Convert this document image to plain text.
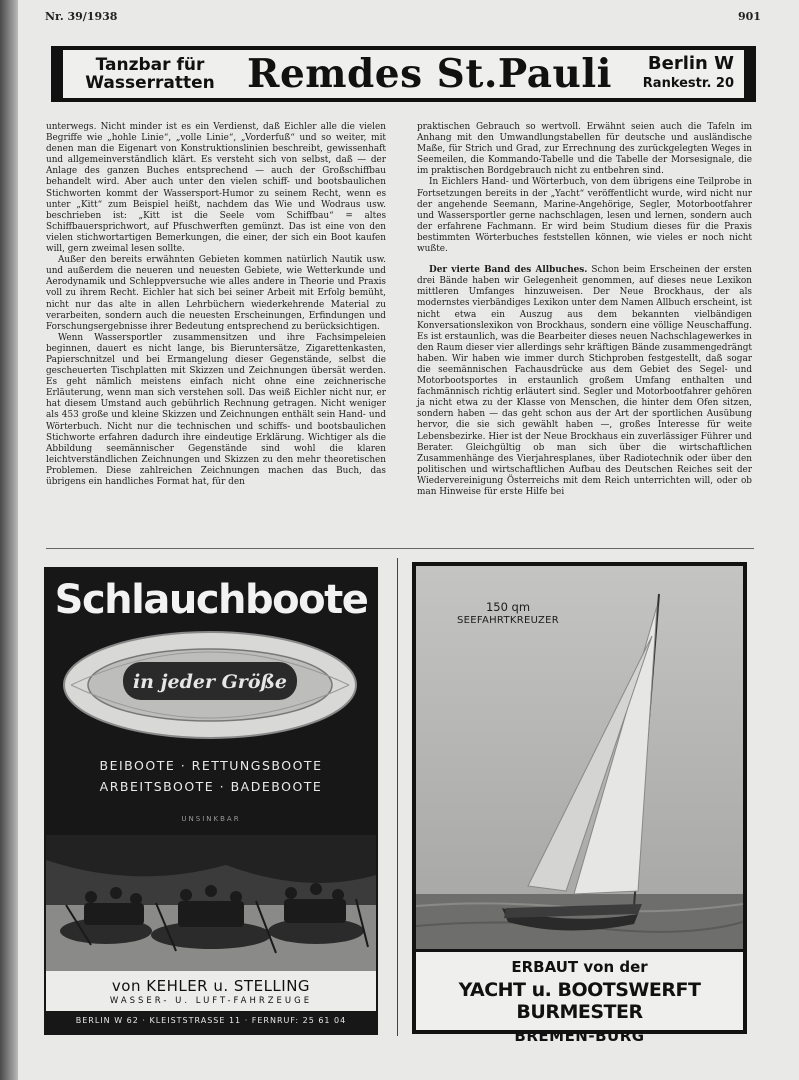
Nr. 39/1938	901
Tanzbar für
Wasserratten Remdes St.Pauli	Berlin W
Rankestr. 20

unterwegs. Nicht minder ist es ein Verdienst, daß Eichler alle die vielen Begriffe wie „hohle Linie“, „volle Linie“, „Vorderfuß“ und so weiter, mit denen man die Eigenart von Konstruktionslinien beschreibt, gewissenhaft und allgemeinverständlich klärt. Es versteht sich von selbst, daß — der Anlage des ganzen Buches entsprechend — auch der Großschiffbau behandelt wird. Aber auch unter den vielen schiff- und bootsbaulichen Stichworten kommt der Wassersport-Humor zu seinem Recht, wenn es unter „Kitt“ zum Beispiel heißt, nachdem das Wie und Wodraus usw. beschrieben ist: „Kitt ist die Seele vom Schiffbau“ = altes Schiffbauersprichwort, auf Pfuschwerften gemünzt. Das ist eine von den vielen stichwortartigen Bemerkungen, die einer, der sich ein Boot kaufen will, gern zweimal lesen sollte.

Außer den bereits erwähnten Gebieten kommen natürlich Nautik usw. und außerdem die neueren und neuesten Gebiete, wie Wetterkunde und Aerodynamik und Schleppversuche wie alles andere in Theorie und Praxis voll zu ihrem Recht. Eichler hat sich bei seiner Arbeit mit Erfolg bemüht, nicht nur das alte in allen Lehrbüchern wiederkehrende Material zu verarbeiten, sondern auch die neuesten Erscheinungen, Erfindungen und Forschungsergebnisse ihrer Bedeutung entsprechend zu berücksichtigen.

Wenn Wassersportler zusammensitzen und ihre Fachsimpeleien beginnen, dauert es nicht lange, bis Bieruntersätze, Zigarettenkasten, Papierschnitzel und bei Ermangelung dieser Gegenstände, selbst die gescheuerten Tischplatten mit Skizzen und Zeichnungen übersät werden. Es geht nämlich meistens einfach nicht ohne eine zeichnerische Erläuterung, wenn man sich verstehen soll. Das weiß Eichler nicht nur, er hat diesem Umstand auch gebührlich Rechnung getragen. Nicht weniger als 453 große und kleine Skizzen und Zeichnungen enthält sein Hand- und Wörterbuch. Nicht nur die technischen und schiffs- und bootsbaulichen Stichworte erfahren dadurch ihre eindeutige Erklärung. Wichtiger als die Abbildung seemännischer Gegenstände sind wohl die klaren leichtverständlichen Zeichnungen und Skizzen zu den mehr theoretischen Problemen. Diese zahlreichen Zeichnungen machen das Buch, das übrigens ein handliches Format hat, für den

praktischen Gebrauch so wertvoll. Erwähnt seien auch die Tafeln im Anhang mit den Umwandlungstabellen für deutsche und ausländische Maße, für Strich und Grad, zur Errechnung des zurückgelegten Weges in Seemeilen, die Kommando-Tabelle und die Tabelle der Morsesignale, die im praktischen Bordgebrauch nicht zu entbehren sind.

In Eichlers Hand- und Wörterbuch, von dem übrigens eine Teilprobe in Fortsetzungen bereits in der „Yacht“ veröffentlicht wurde, wird nicht nur der angehende Seemann, Marine-Angehörige, Segler, Motorbootfahrer und Wassersportler gerne nachschlagen, lesen und lernen, sondern auch der erfahrene Fachmann. Er wird beim Studium dieses für die Praxis bestimmten Wörterbuches feststellen können, wie vieles er noch nicht wußte.

Der vierte Band des Allbuches. Schon beim Erscheinen der ersten drei Bände haben wir Gelegenheit genommen, auf dieses neue Lexikon mittleren Umfanges hinzuweisen. Der Neue Brockhaus, der als modernstes vierbändiges Lexikon unter dem Namen Allbuch erscheint, ist nicht etwa ein Auszug aus dem bekannten vielbändigen Konversationslexikon von Brockhaus, sondern eine völlige Neuschaffung. Es ist erstaunlich, was die Bearbeiter dieses neuen Nachschlagewerkes in den Raum dieser vier allerdings sehr kräftigen Bände zusammengedrängt haben. Wir haben wie immer durch Stichproben festgestellt, daß sogar die seemännischen Fachausdrücke aus dem Gebiet des Segel- und Motorbootsportes in erstaunlich großem Umfang enthalten und fachmännisch richtig erläutert sind. Segler und Motorbootfahrer gehören ja nicht etwa zu der Klasse von Menschen, die hinter dem Ofen sitzen, sondern haben — das geht schon aus der Art der sportlichen Ausübung hervor, die sie sich gewählt haben —, großes Interesse für weite Lebensbezirke. Hier ist der Neue Brockhaus ein zuverlässiger Führer und Berater. Gleichgültig ob man sich über die wirtschaftlichen Zusammenhänge des Vierjahresplanes, über Radiotechnik oder über den politischen und wirtschaftlichen Aufbau des Deutschen Reiches seit der Wiedervereinigung Österreichs mit dem Reich unterrichten will, oder ob man Hinweise für erste Hilfe bei

Schlauchboote
in jeder Größe
BEIBOOTE · RETTUNGSBOOTE
ARBEITSBOOTE · BADEBOOTE
UNSINKBAR
von KEHLER u. STELLING
WASSER- U. LUFT-FAHRZEUGE
BERLIN W 62 · KLEISTSTRASSE 11 · FERNRUF: 25 61 04
150 qm
SEEFAHRTKREUZER
ERBAUT von der
YACHT u. BOOTSWERFT BURMESTER
BREMEN-BURG
